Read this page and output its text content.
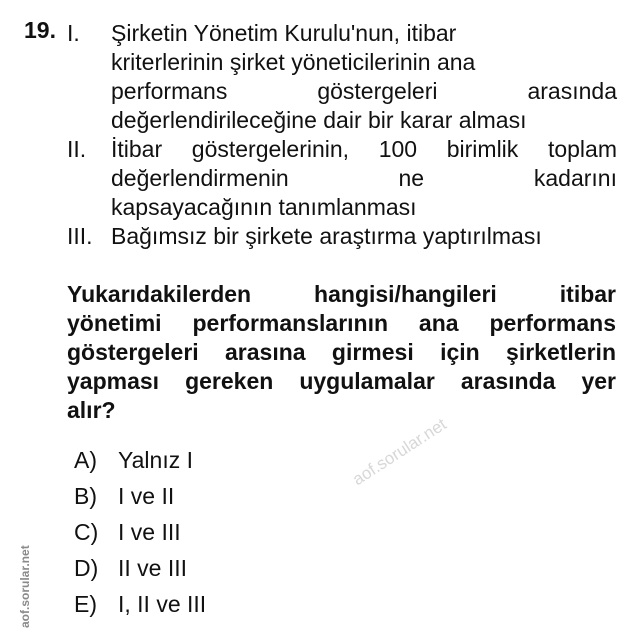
19. I. Şirketin Yönetim Kurulu'nun, itibar
kriterlerinin şirket yöneticilerinin ana
performans göstergeleri arasında
değerlendirileceğine dair bir karar alması
II. İtibar göstergelerinin, 100 birimlik toplam
değerlendirmenin ne kadarını
kapsayacağının tanımlanması
III. Bağımsız bir şirkete araştırma yaptırılması
Yukarıdakilerden hangisi/hangileri itibar
yönetimi performanslarının ana performans
göstergeleri arasına girmesi için şirketlerin
yapması gereken uygulamalar arasında yer
alır?
A) Yalnız I
B) I ve II
C) I ve III
D) II ve III
E) I, II ve III
aof.sorular.net
aof.sorular.net
